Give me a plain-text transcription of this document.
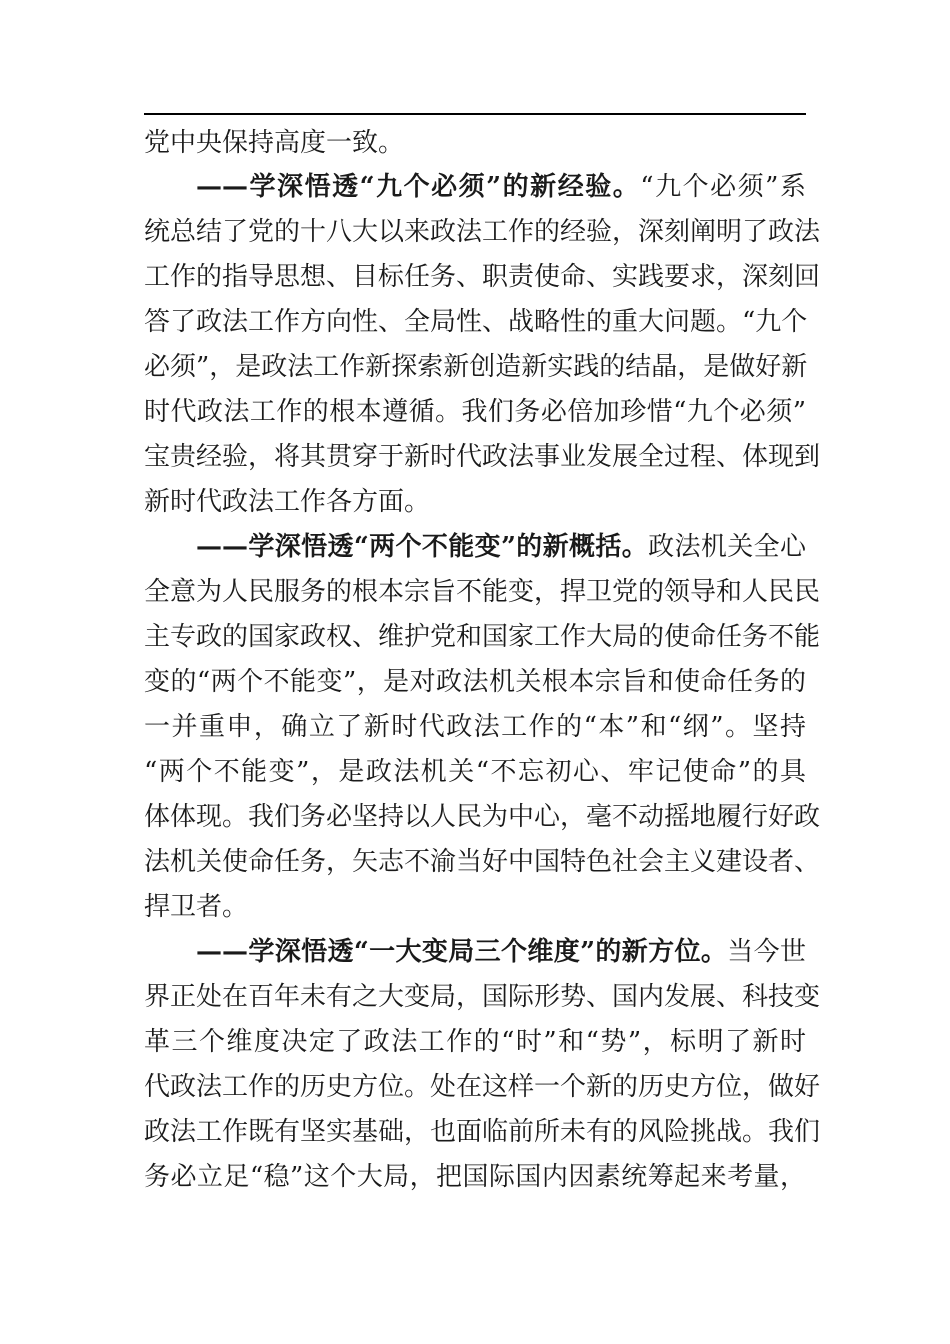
党中央保持高度一致。
——学深悟透“九个必须”的新经验。“九个必须”系
统总结了党的十八大以来政法工作的经验，深刻阐明了政法
工作的指导思想、目标任务、职责使命、实践要求，深刻回
答了政法工作方向性、全局性、战略性的重大问题。“九个
必须”，是政法工作新探索新创造新实践的结晶，是做好新
时代政法工作的根本遵循。我们务必倍加珍惜“九个必须”
宝贵经验，将其贯穿于新时代政法事业发展全过程、体现到
新时代政法工作各方面。
——学深悟透“两个不能变”的新概括。政法机关全心
全意为人民服务的根本宗旨不能变，捍卫党的领导和人民民
主专政的国家政权、维护党和国家工作大局的使命任务不能
变的“两个不能变”，是对政法机关根本宗旨和使命任务的
一并重申，确立了新时代政法工作的“本”和“纲”。坚持
“两个不能变”，是政法机关“不忘初心、牢记使命”的具
体体现。我们务必坚持以人民为中心，毫不动摇地履行好政
法机关使命任务，矢志不渝当好中国特色社会主义建设者、
捍卫者。
——学深悟透“一大变局三个维度”的新方位。当今世
界正处在百年未有之大变局，国际形势、国内发展、科技变
革三个维度决定了政法工作的“时”和“势”，标明了新时
代政法工作的历史方位。处在这样一个新的历史方位，做好
政法工作既有坚实基础，也面临前所未有的风险挑战。我们
务必立足“稳”这个大局，把国际国内因素统筹起来考量，
